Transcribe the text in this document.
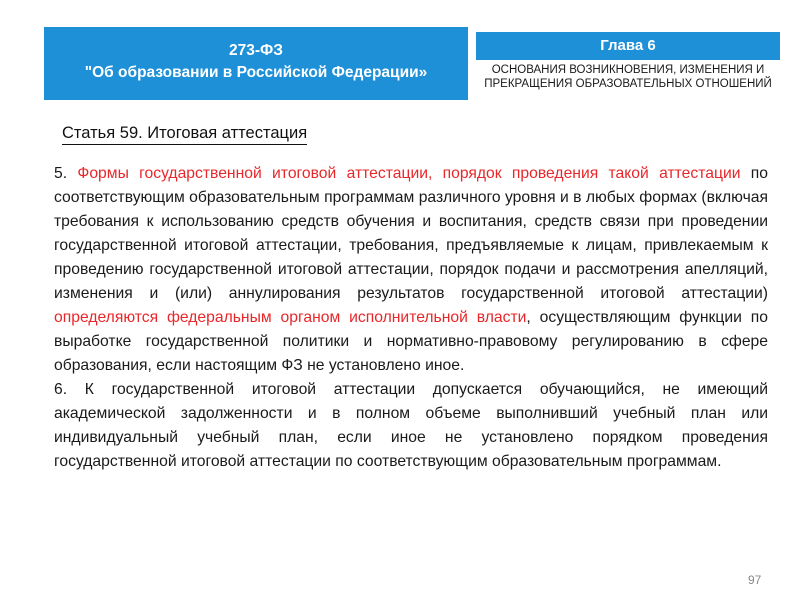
273-ФЗ
"Об образовании в Российской Федерации»
Глава 6
ОСНОВАНИЯ ВОЗНИКНОВЕНИЯ, ИЗМЕНЕНИЯ И ПРЕКРАЩЕНИЯ ОБРАЗОВАТЕЛЬНЫХ ОТНОШЕНИЙ
Статья 59. Итоговая аттестация

5. Формы государственной итоговой аттестации, порядок проведения такой аттестации по соответствующим образовательным программам различного уровня и в любых формах (включая требования к использованию средств обучения и воспитания, средств связи при проведении государственной итоговой аттестации, требования, предъявляемые к лицам, привлекаемым к проведению государственной итоговой аттестации, порядок подачи и рассмотрения апелляций, изменения и (или) аннулирования результатов государственной итоговой аттестации) определяются федеральным органом исполнительной власти, осуществляющим функции по выработке государственной политики и нормативно-правовому регулированию в сфере образования, если настоящим ФЗ не установлено иное.

6. К государственной итоговой аттестации допускается обучающийся, не имеющий академической задолженности и в полном объеме выполнивший учебный план или индивидуальный учебный план, если иное не установлено порядком проведения государственной итоговой аттестации по соответствующим образовательным программам.

97
